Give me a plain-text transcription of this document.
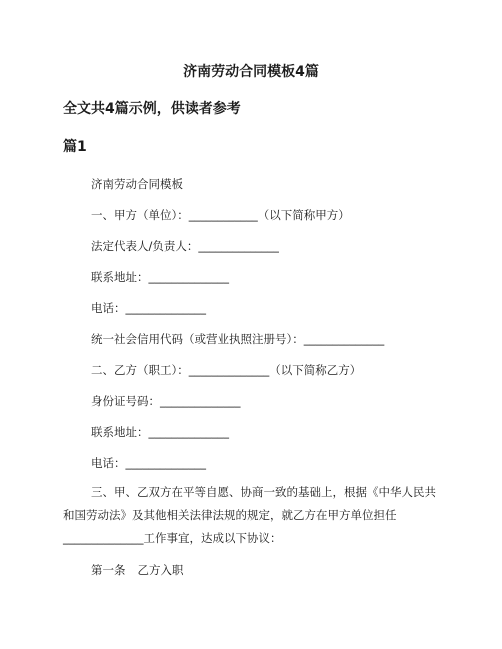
济南劳动合同模板4篇
全文共4篇示例，供读者参考
篇1

济南劳动合同模板

一、甲方（单位）：____________（以下简称甲方）

法定代表人/负责人：______________

联系地址：______________

电话：______________

统一社会信用代码（或营业执照注册号）：______________

二、乙方（职工）：______________（以下简称乙方）

身份证号码：______________

联系地址：______________

电话：______________

三、甲、乙双方在平等自愿、协商一致的基础上，根据《中华人民共和国劳动法》及其他相关法律法规的规定，就乙方在甲方单位担任______________工作事宜，达成以下协议：

第一条 乙方入职
